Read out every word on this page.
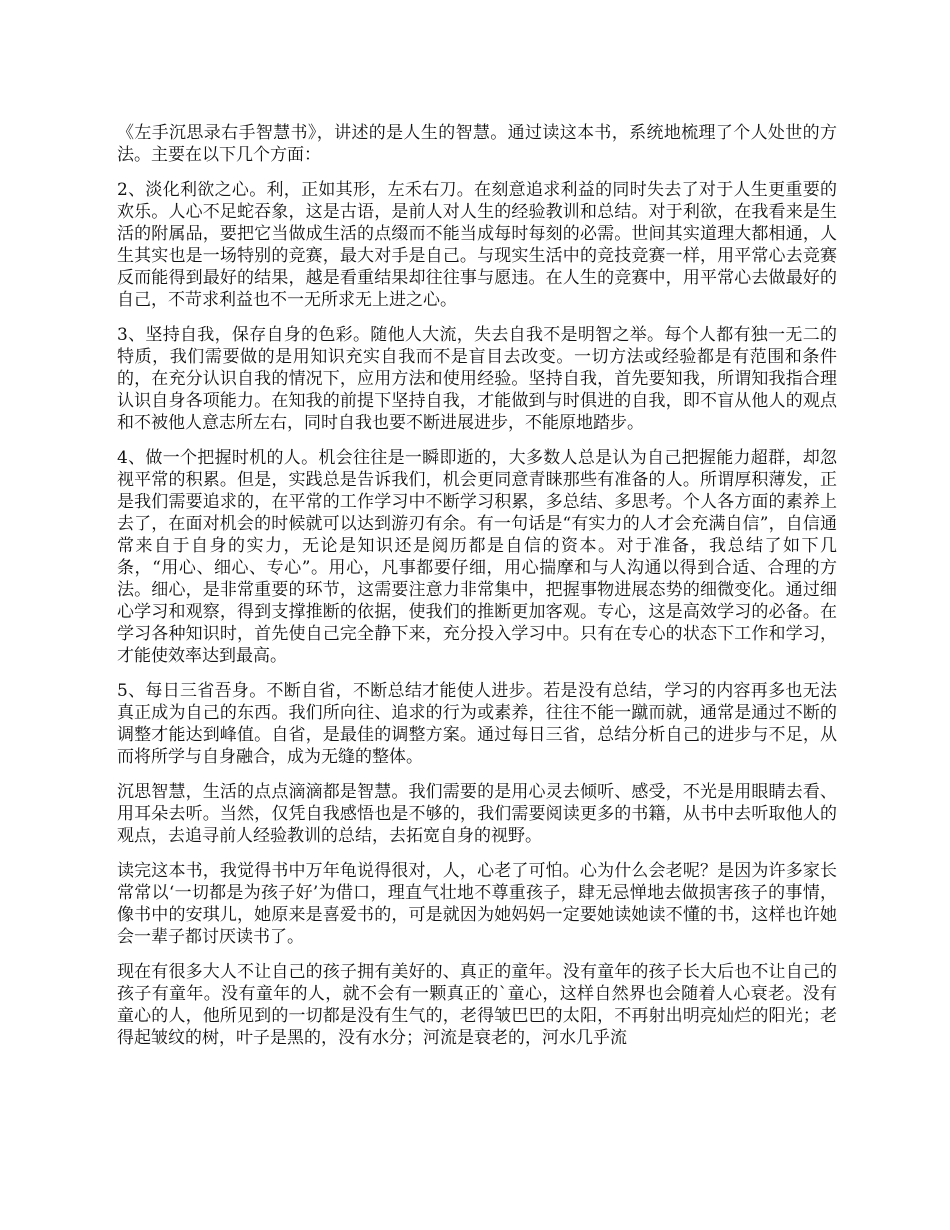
《左手沉思录右手智慧书》，讲述的是人生的智慧。通过读这本书，系统地梳理了个人处世的方法。主要在以下几个方面：

2、淡化利欲之心。利，正如其形，左禾右刀。在刻意追求利益的同时失去了对于人生更重要的欢乐。人心不足蛇吞象，这是古语，是前人对人生的经验教训和总结。对于利欲，在我看来是生活的附属品，要把它当做成生活的点缀而不能当成每时每刻的必需。世间其实道理大都相通，人生其实也是一场特别的竞赛，最大对手是自己。与现实生活中的竞技竞赛一样，用平常心去竞赛反而能得到最好的结果，越是看重结果却往往事与愿违。在人生的竞赛中，用平常心去做最好的自己，不苛求利益也不一无所求无上进之心。

3、坚持自我，保存自身的色彩。随他人大流，失去自我不是明智之举。每个人都有独一无二的特质，我们需要做的是用知识充实自我而不是盲目去改变。一切方法或经验都是有范围和条件的，在充分认识自我的情况下，应用方法和使用经验。坚持自我，首先要知我，所谓知我指合理认识自身各项能力。在知我的前提下坚持自我，才能做到与时俱进的自我，即不盲从他人的观点和不被他人意志所左右，同时自我也要不断进展进步，不能原地踏步。

4、做一个把握时机的人。机会往往是一瞬即逝的，大多数人总是认为自己把握能力超群，却忽视平常的积累。但是，实践总是告诉我们，机会更同意青睐那些有准备的人。所谓厚积薄发，正是我们需要追求的，在平常的工作学习中不断学习积累，多总结、多思考。个人各方面的素养上去了，在面对机会的时候就可以达到游刃有余。有一句话是“有实力的人才会充满自信”，自信通常来自于自身的实力，无论是知识还是阅历都是自信的资本。对于准备，我总结了如下几条，“用心、细心、专心”。用心，凡事都要仔细，用心揣摩和与人沟通以得到合适、合理的方法。细心，是非常重要的环节，这需要注意力非常集中，把握事物进展态势的细微变化。通过细心学习和观察，得到支撑推断的依据，使我们的推断更加客观。专心，这是高效学习的必备。在学习各种知识时，首先使自己完全静下来，充分投入学习中。只有在专心的状态下工作和学习，才能使效率达到最高。

5、每日三省吾身。不断自省，不断总结才能使人进步。若是没有总结，学习的内容再多也无法真正成为自己的东西。我们所向往、追求的行为或素养，往往不能一蹴而就，通常是通过不断的调整才能达到峰值。自省，是最佳的调整方案。通过每日三省，总结分析自己的进步与不足，从而将所学与自身融合，成为无缝的整体。

沉思智慧，生活的点点滴滴都是智慧。我们需要的是用心灵去倾听、感受，不光是用眼睛去看、用耳朵去听。当然，仅凭自我感悟也是不够的，我们需要阅读更多的书籍，从书中去听取他人的观点，去追寻前人经验教训的总结，去拓宽自身的视野。

读完这本书，我觉得书中万年龟说得很对，人，心老了可怕。心为什么会老呢？是因为许多家长常常以‘一切都是为孩子好’为借口，理直气壮地不尊重孩子，肆无忌惮地去做损害孩子的事情，像书中的安琪儿，她原来是喜爱书的，可是就因为她妈妈一定要她读她读不懂的书，这样也许她会一辈子都讨厌读书了。

现在有很多大人不让自己的孩子拥有美好的、真正的童年。没有童年的孩子长大后也不让自己的孩子有童年。没有童年的人，就不会有一颗真正的`童心，这样自然界也会随着人心衰老。没有童心的人，他所见到的一切都是没有生气的，老得皱巴巴的太阳，不再射出明亮灿烂的阳光；老得起皱纹的树，叶子是黑的，没有水分；河流是衰老的，河水几乎流
